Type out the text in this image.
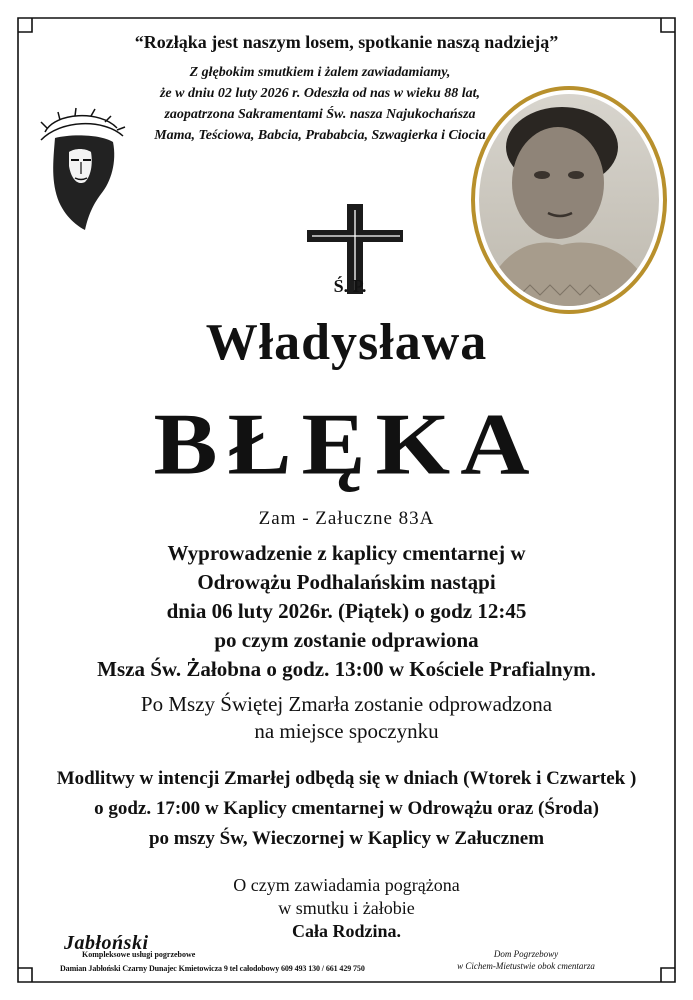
“Rozłąka jest naszym losem, spotkanie naszą nadzieją”
Z głębokim smutkiem i żalem zawiadamiamy,
że w dniu 02 luty 2026 r. Odeszła od nas w wieku 88 lat,
zaopatrzona Sakramentami Św. nasza Najukochańsza
Mama, Teściowa, Babcia, Prababcia, Szwagierka i Ciocia
Ś. P.
Władysława
BŁĘKA
Zam - Załuczne 83A
Wyprowadzenie z kaplicy cmentarnej w
Odrowążu Podhalańskim nastąpi
dnia 06 luty 2026r. (Piątek) o godz 12:45
po czym zostanie odprawiona
Msza Św. Żałobna o godz. 13:00 w Kościele Prafialnym.
Po Mszy Świętej Zmarła zostanie odprowadzona
na miejsce spoczynku
Modlitwy w intencji Zmarłej odbędą się w dniach (Wtorek i Czwartek )
o godz. 17:00 w Kaplicy cmentarnej w Odrowążu oraz (Środa)
po mszy Św, Wieczornej w Kaplicy w Załucznem
O czym zawiadamia pogrążona
w smutku i żałobie
Cała Rodzina.
Jabłoński
Kompleksowe usługi pogrzebowe
Damian Jabłoński Czarny Dunajec Kmietowicza 9 tel całodobowy 609 493 130 / 661 429 750
Dom Pogrzebowy
w Cichem-Mietustwie obok cmentarza
